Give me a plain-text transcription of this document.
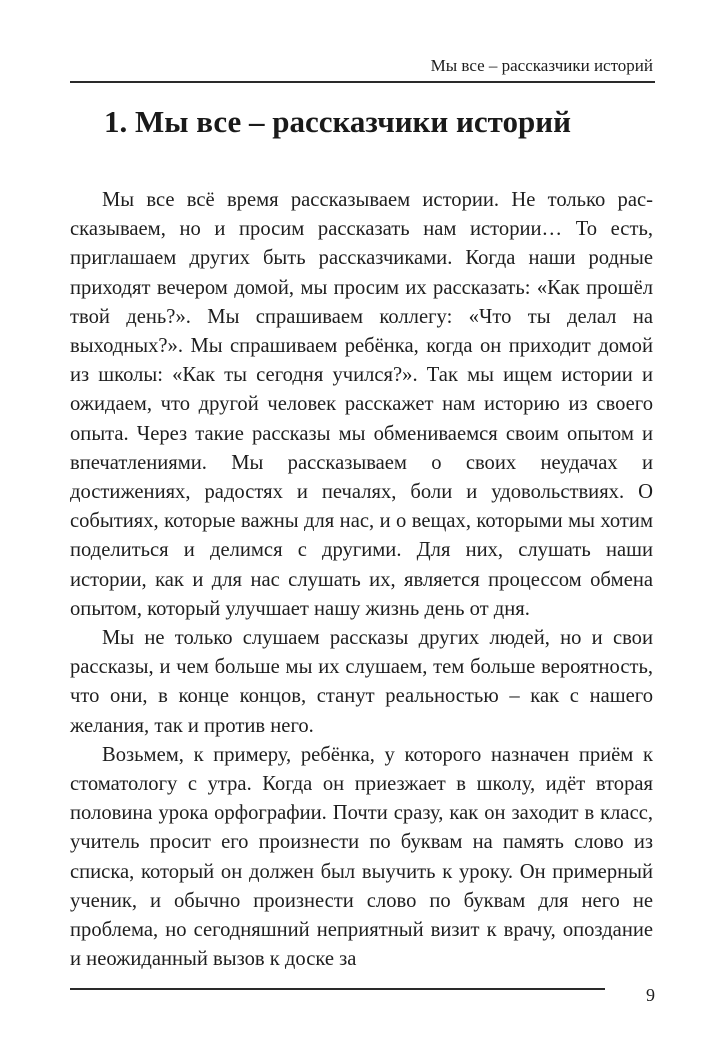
Мы все – рассказчики историй
1. Мы все – рассказчики историй

Мы все всё время рассказываем истории. Не только рассказываем, но и просим рассказать нам истории… То есть, приглашаем других быть рассказчиками. Когда наши родные приходят вечером домой, мы просим их рассказать: «Как прошёл твой день?». Мы спрашиваем коллегу: «Что ты делал на выходных?». Мы спрашиваем ребёнка, когда он приходит домой из школы: «Как ты сегодня учился?». Так мы ищем истории и ожидаем, что другой человек расскажет нам историю из своего опыта. Через такие рассказы мы обмениваемся своим опытом и впечатлениями. Мы рассказываем о своих неудачах и достижениях, радостях и печалях, боли и удовольствиях. О событиях, которые важны для нас, и о вещах, которыми мы хотим поделиться и делимся с другими. Для них, слушать наши истории, как и для нас слушать их, является процессом обмена опытом, который улучшает нашу жизнь день от дня.

Мы не только слушаем рассказы других людей, но и свои рассказы, и чем больше мы их слушаем, тем больше вероятность, что они, в конце концов, станут реальностью – как с нашего желания, так и против него.

Возьмем, к примеру, ребёнка, у которого назначен приём к стоматологу с утра. Когда он приезжает в школу, идёт вторая половина урока орфографии. Почти сразу, как он заходит в класс, учитель просит его произнести по буквам на память слово из списка, который он должен был выучить к уроку. Он примерный ученик, и обычно произнести слово по буквам для него не проблема, но сегодняшний неприятный визит к врачу, опоздание и неожиданный вызов к доске за

9
